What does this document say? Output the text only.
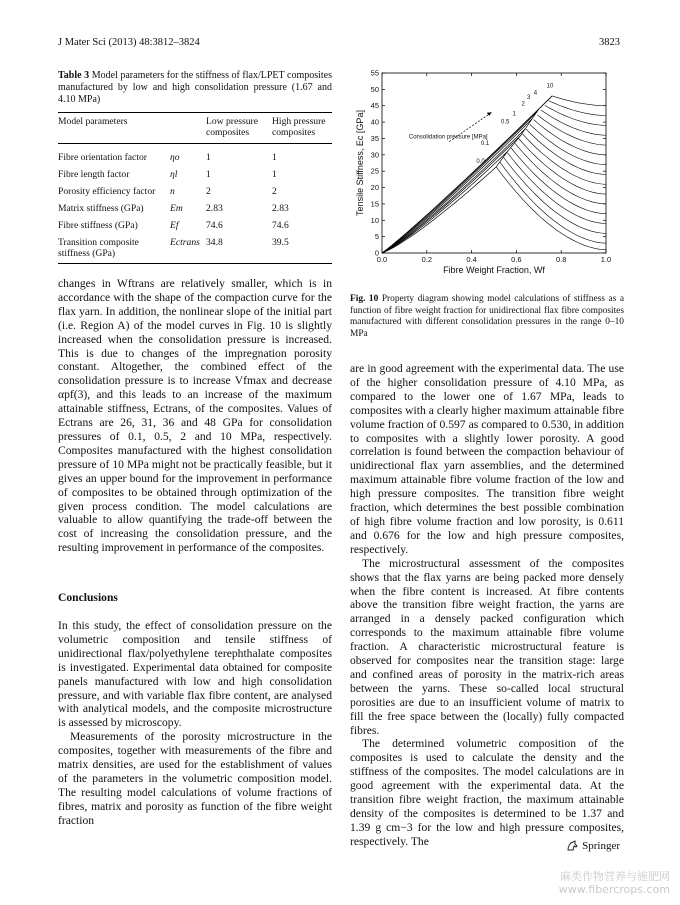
J Mater Sci (2013) 48:3812–3824	3823
Table 3 Model parameters for the stiffness of flax/LPET composites manufactured by low and high consolidation pressure (1.67 and 4.10 MPa)
Model parameters		Low pressure composites	High pressure composites
Fibre orientation factor	ηo	1	1
Fibre length factor	ηl	1	1
Porosity efficiency factor	n	2	2
Matrix stiffness (GPa)	Em	2.83	2.83
Fibre stiffness (GPa)	Ef	74.6	74.6
Transition composite stiffness (GPa)	Ectrans	34.8	39.5
0.0	0.2	0.4	0.6	0.8	1.0
0
5
10
15
20
25
30
35
40
45
50
55
Fibre Weight Fraction, Wf
Tensile Stiffness, Ec [GPa]	0.0
0.1
0.5
1
2
3
4
10
Consolidation pressure [MPa]
Fig. 10 Property diagram showing model calculations of stiffness as a function of fibre weight fraction for unidirectional flax fibre composites manufactured with different consolidation pressures in the range 0–10 MPa

changes in Wftrans are relatively smaller, which is in accordance with the shape of the compaction curve for the flax yarn. In addition, the nonlinear slope of the initial part (i.e. Region A) of the model curves in Fig. 10 is slightly increased when the consolidation pressure is increased. This is due to changes of the impregnation porosity constant. Altogether, the combined effect of the consolidation pressure is to increase Vfmax and decrease αpf(3), and this leads to an increase of the maximum attainable stiffness, Ectrans, of the composites. Values of Ectrans are 26, 31, 36 and 48 GPa for consolidation pressures of 0.1, 0.5, 2 and 10 MPa, respectively. Composites manufactured with the highest consolidation pressure of 10 MPa might not be practically feasible, but it gives an upper bound for the improvement in performance of composites to be obtained through optimization of the given process condition. The model calculations are valuable to allow quantifying the trade-off between the cost of increasing the consolidation pressure, and the resulting improvement in performance of the composites.

Conclusions

In this study, the effect of consolidation pressure on the volumetric composition and tensile stiffness of unidirectional flax/polyethylene terephthalate composites is investigated. Experimental data obtained for composite panels manufactured with low and high consolidation pressure, and with variable flax fibre content, are analysed with analytical models, and the composite microstructure is assessed by microscopy.

Measurements of the porosity microstructure in the composites, together with measurements of the fibre and matrix densities, are used for the establishment of values of the parameters in the volumetric composition model. The resulting model calculations of volume fractions of fibres, matrix and porosity as function of the fibre weight fraction

are in good agreement with the experimental data. The use of the higher consolidation pressure of 4.10 MPa, as compared to the lower one of 1.67 MPa, leads to composites with a clearly higher maximum attainable fibre volume fraction of 0.597 as compared to 0.530, in addition to composites with a slightly lower porosity. A good correlation is found between the compaction behaviour of unidirectional flax yarn assemblies, and the determined maximum attainable fibre volume fraction of the low and high pressure composites. The transition fibre weight fraction, which determines the best possible combination of high fibre volume fraction and low porosity, is 0.611 and 0.676 for the low and high pressure composites, respectively.

The microstructural assessment of the composites shows that the flax yarns are being packed more densely when the fibre content is increased. At fibre contents above the transition fibre weight fraction, the yarns are arranged in a densely packed configuration which corresponds to the maximum attainable fibre volume fraction. A characteristic microstructural feature is observed for composites near the transition stage: large and confined areas of porosity in the matrix-rich areas between the yarns. These so-called local structural porosities are due to an insufficient volume of matrix to fill the free space between the (locally) fully compacted fibres.

The determined volumetric composition of the composites is used to calculate the density and the stiffness of the composites. The model calculations are in good agreement with the experimental data. At the transition fibre weight fraction, the maximum attainable density of the composites is determined to be 1.37 and 1.39 g cm−3 for the low and high pressure composites, respectively. The	Springer
麻类作物营养与施肥网
www.fibercrops.com
